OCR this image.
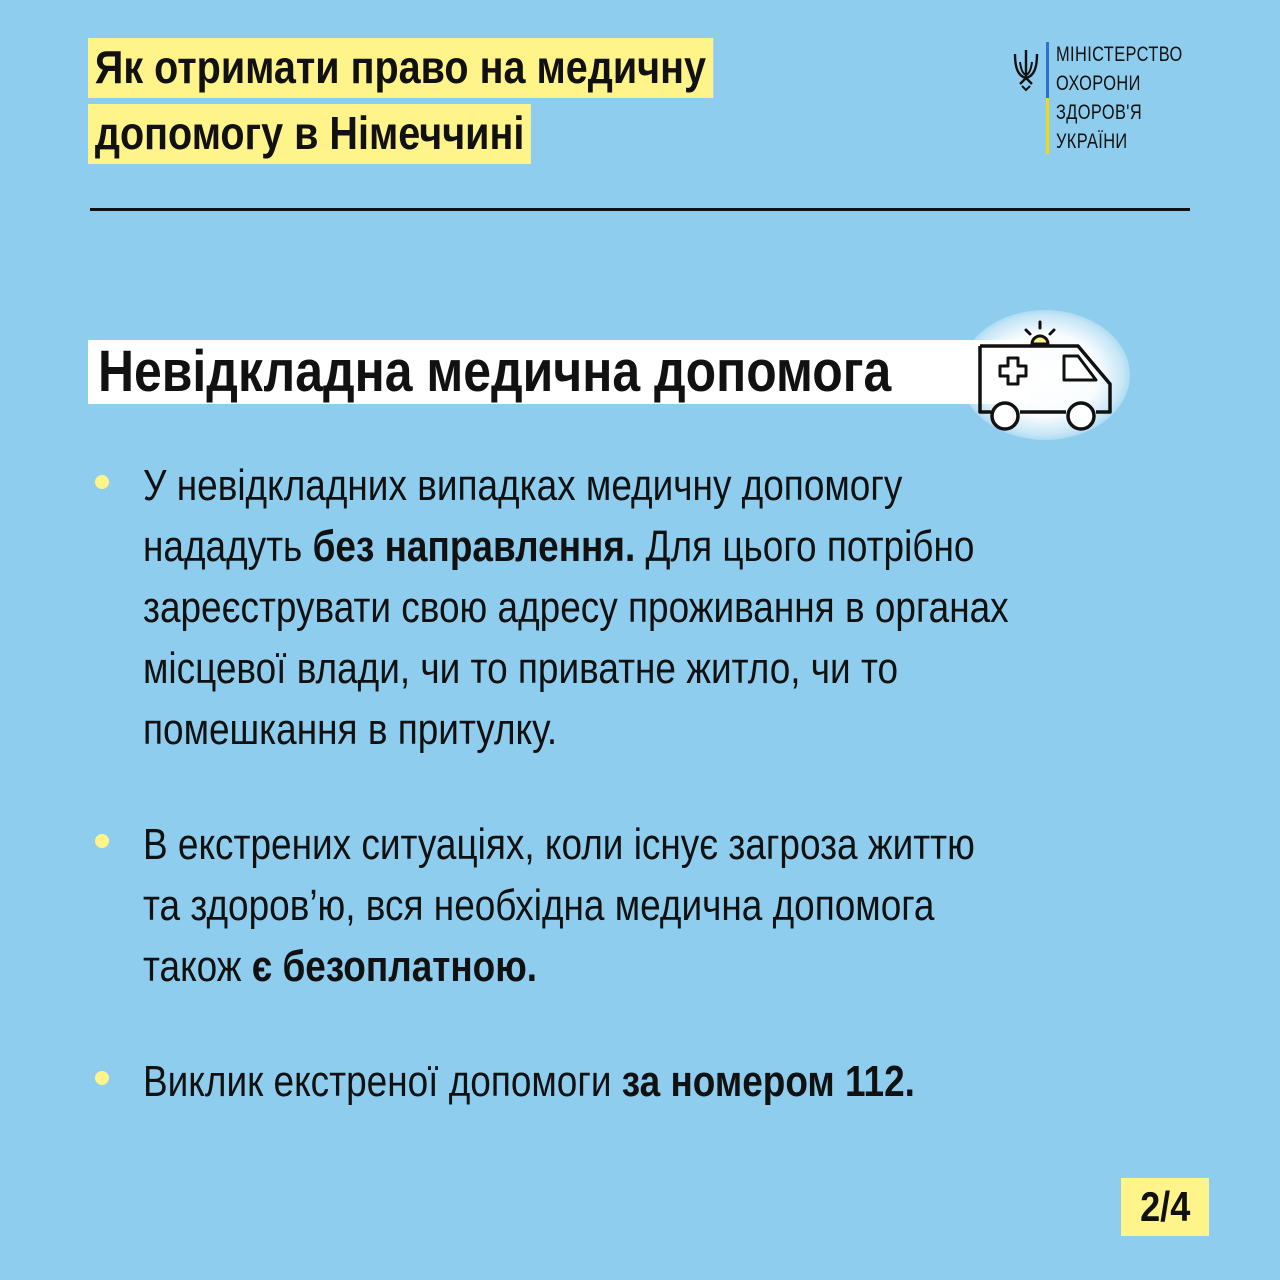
Як отримати право на медичну
допомогу в Німеччині
МІНІСТЕРСТВО
ОХОРОНИ
ЗДОРОВ'Я
УКРАЇНИ
Невідкладна медична допомога
У невідкладних випадках медичну допомогу
нададуть без направлення. Для цього потрібно
зареєструвати свою адресу проживання в органах
місцевої влади, чи то приватне житло, чи то
помешкання в притулку.
В екстрених ситуаціях, коли існує загроза життю
та здоров’ю, вся необхідна медична допомога
також є безоплатною.
Виклик екстреної допомоги за номером 112.
2/4
